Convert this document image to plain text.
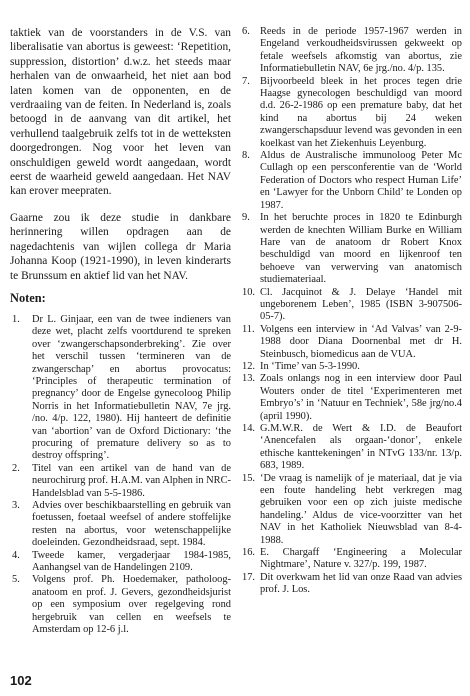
taktiek van de voorstanders in de V.S. van liberalisatie van abortus is geweest: ‘Repetition, suppression, distortion’ d.w.z. het steeds maar herhalen van de onwaarheid, het niet aan bod laten komen van de opponenten, en de verdraaiing van de feiten. In Nederland is, zoals betoogd in de aanvang van dit artikel, het verhullend taalgebruik zelfs tot in de wetteksten doorgedrongen. Nog voor het leven van onschuldigen geweld wordt aangedaan, wordt eerst de waarheid geweld aangedaan. Het NAV kan erover meepraten.

Gaarne zou ik deze studie in dankbare herinnering willen opdragen aan de nagedachtenis van wijlen collega dr Maria Johanna Koop (1921-1990), in leven kinderarts te Brunssum en aktief lid van het NAV.

Noten:
1.	Dr L. Ginjaar, een van de twee indieners van deze wet, placht zelfs voortdurend te spreken over ‘zwangerschapsonderbreking’. Zie over het verschil tussen ‘termineren van de zwangerschap’ en abortus provocatus: ‘Principles of therapeutic termination of pregnancy’ door de Engelse gynecoloog Philip Norris in het Informatiebulletin NAV, 7e jrg. /no. 4/p. 122, 1980). Hij hanteert de definitie van ‘abortion’ van de Oxford Dictionary: ‘the procuring of premature delivery so as to destroy offspring’.
2.	Titel van een artikel van de hand van de neurochirurg prof. H.A.M. van Alphen in NRC-Handelsblad van 5-5-1986.
3.	Advies over beschikbaarstelling en gebruik van foetussen, foetaal weefsel of andere stoffelijke resten na abortus, voor wetenschappelijke doeleinden. Gezondheidsraad, sept. 1984.
4.	Tweede kamer, vergaderjaar 1984-1985, Aanhangsel van de Handelingen 2109.
5.	Volgens prof. Ph. Hoedemaker, patholoog-anatoom en prof. J. Gevers, gezondheidsjurist op een symposium over regelgeving rond hergebruik van cellen en weefsels te Amsterdam op 12-6 j.l.
6. Reeds in de periode 1957-1967 werden in Engeland verkoudheidsvirussen gekweekt op fetale weefsels afkomstig van abortus, zie Informatiebulletin NAV, 6e jrg./no. 4/p. 135.
7. Bijvoorbeeld bleek in het proces tegen drie Haagse gynecologen beschuldigd van moord d.d. 26-2-1986 op een premature baby, dat het kind na abortus bij 24 weken zwangerschapsduur levend was gevonden in een koelkast van het Ziekenhuis Leyenburg.
8. Aldus de Australische immunoloog Peter Mc Cullagh op een persconferentie van de ‘World Federation of Doctors who respect Human Life’ en ‘Lawyer for the Unborn Child’ te Londen op 1987.
9. In het beruchte proces in 1820 te Edinburgh werden de knechten William Burke en William Hare van de anatoom dr Robert Knox beschuldigd van moord en lijkenroof ten behoeve van verwerving van anatomisch studiemateriaal.
10. Cl. Jacquinot & J. Delaye ‘Handel mit ungeborenem Leben’, 1985 (ISBN 3-907506-05-7).
11. Volgens een interview in ‘Ad Valvas’ van 2-9-1988 door Diana Doornenbal met dr H. Steinbusch, biomedicus aan de VUA.
12. In ‘Time’ van 5-3-1990.
13. Zoals onlangs nog in een interview door Paul Wouters onder de titel ‘Experimenteren met Embryo’s’ in ‘Natuur en Techniek’, 58e jrg/no.4 (april 1990).
14. G.M.W.R. de Wert & I.D. de Beaufort ‘Anencefalen als orgaan-‘donor’, enkele ethische kanttekeningen’ in NTvG 133/nr. 13/p. 683, 1989.
15. ‘De vraag is namelijk of je materiaal, dat je via een foute handeling hebt verkregen mag gebruiken voor een op zich juiste medische handeling.’ Aldus de vice-voorzitter van het NAV in het Katholiek Nieuwsblad van 8-4-1988.
16. E. Chargaff ‘Engineering a Molecular Nightmare’, Nature v. 327/p. 199, 1987.
17. Dit overkwam het lid van onze Raad van advies prof. J. Los.
102
